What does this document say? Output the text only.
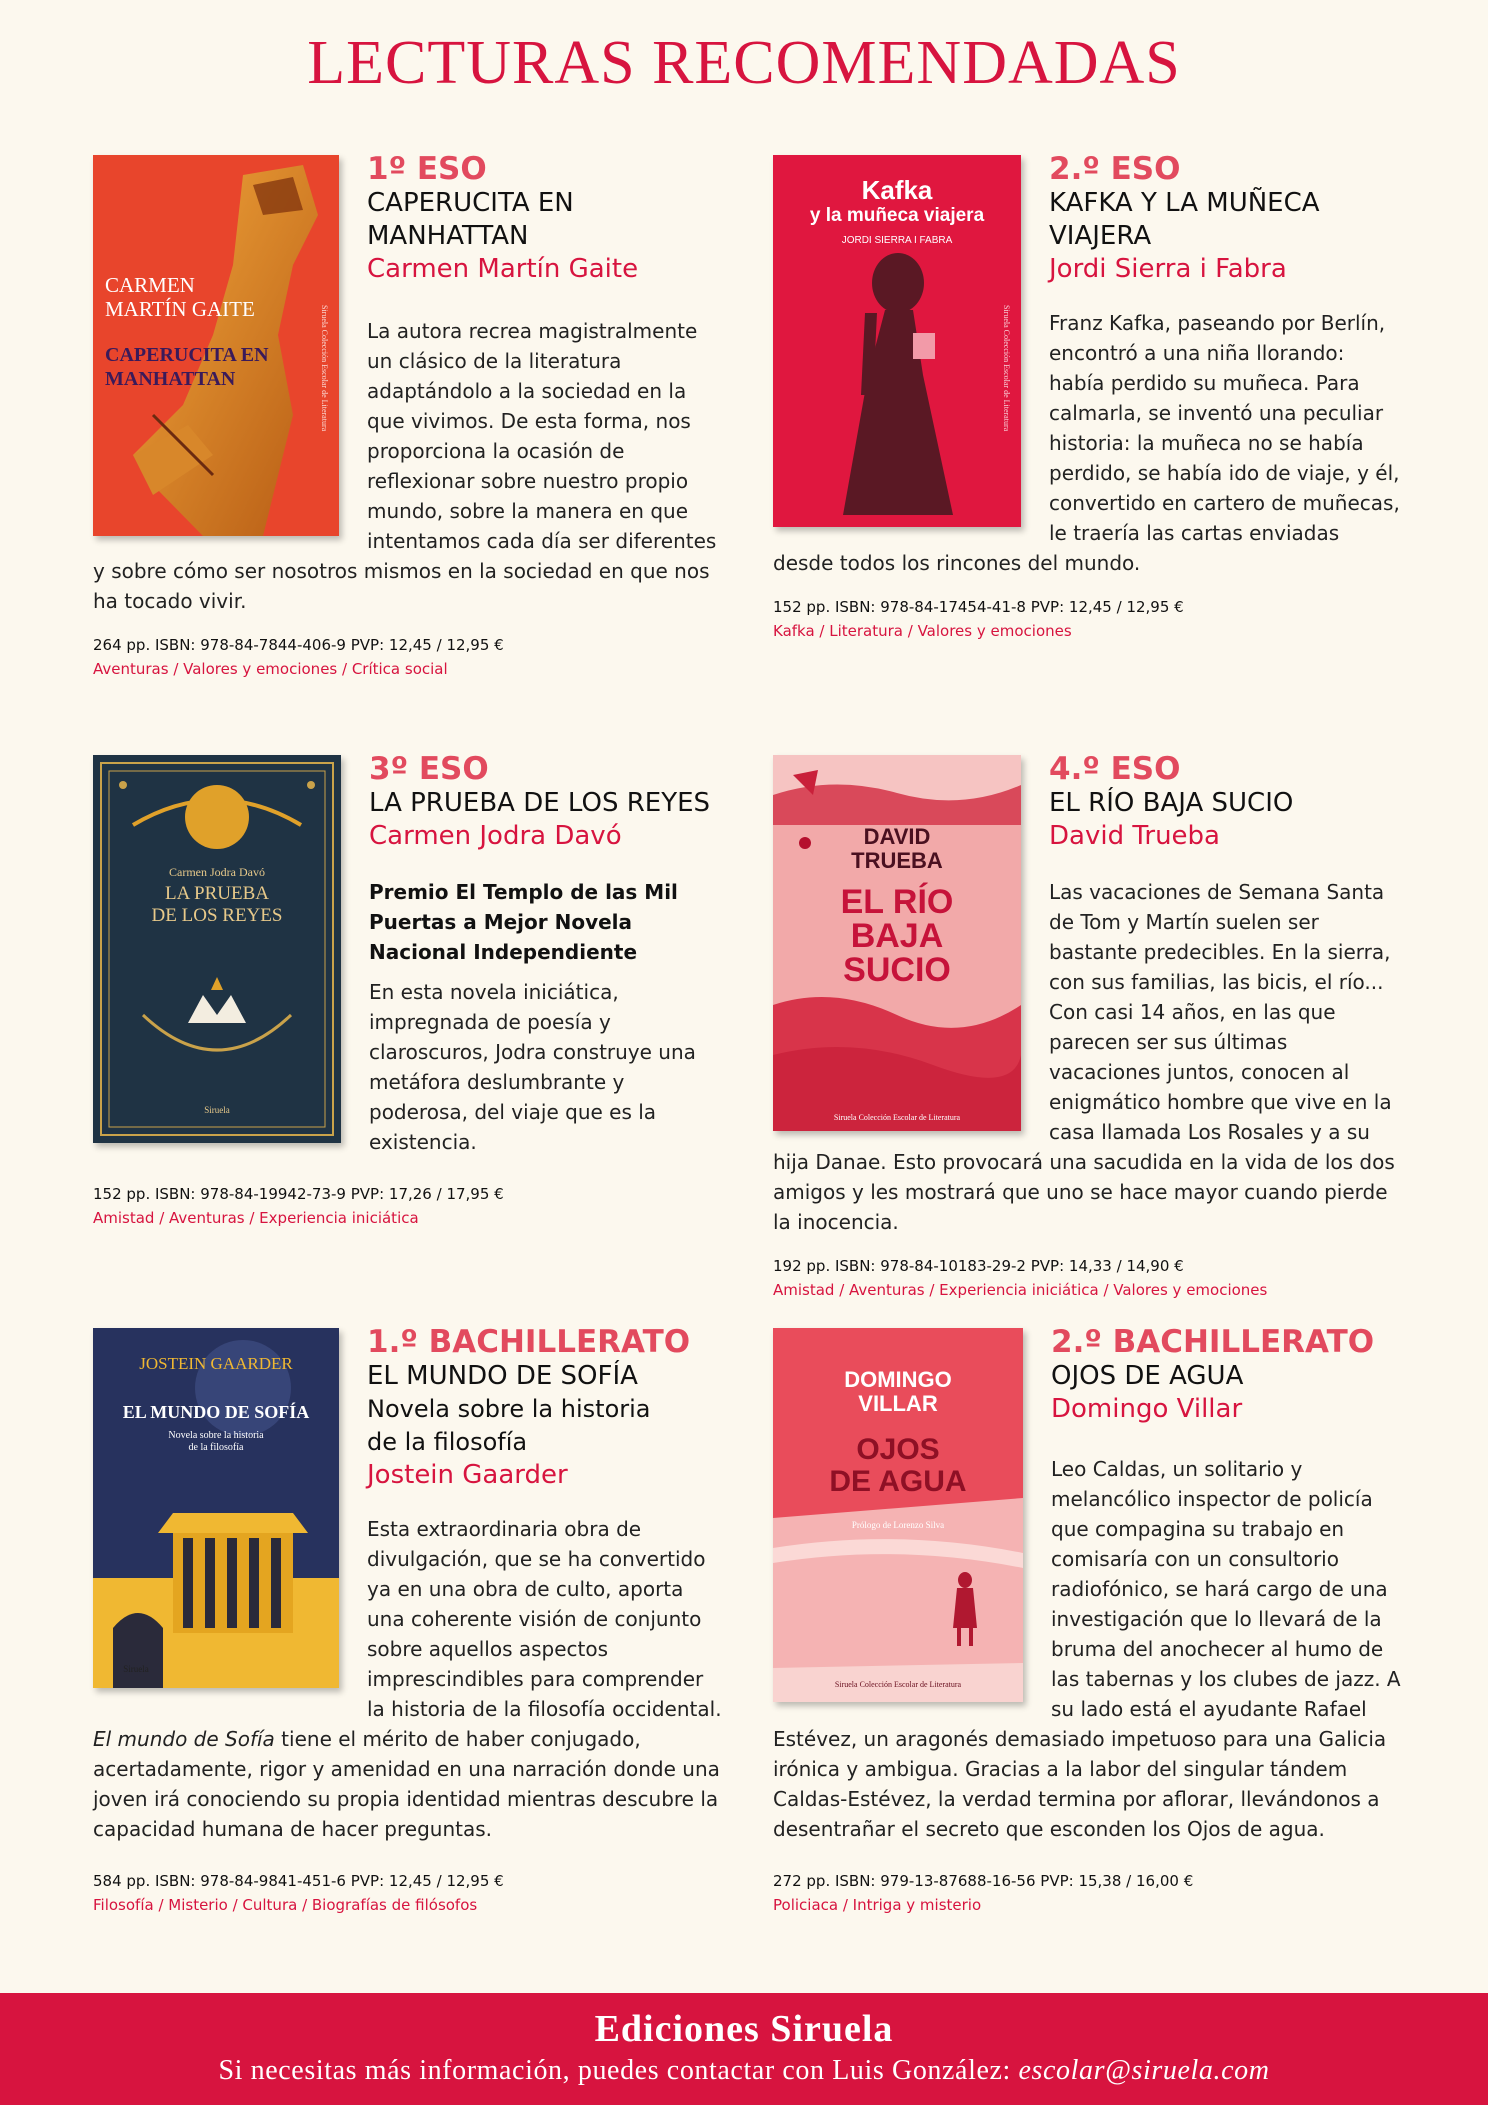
LECTURAS RECOMENDADAS
CARMEN
MARTÍN GAITE
CAPERUCITA EN
MANHATTAN	Siruela Colección Escolar de Literatura
1º ESO
CAPERUCITA EN
MANHATTAN
Carmen Martín Gaite
La autora recrea magistralmente un clásico de la literatura adaptándolo a la sociedad en la que vivimos. De esta forma, nos proporciona la ocasión de reflexionar sobre nuestro propio mundo, sobre la manera en que intentamos cada día ser diferentes y sobre cómo ser nosotros mismos en la sociedad en que nos ha tocado vivir.
264 pp. ISBN: 978-84-7844-406-9 PVP: 12,45 / 12,95 €
Aventuras / Valores y emociones / Crítica social
Kafka
y la muñeca viajera
JORDI SIERRA I FABRA
Siruela Colección Escolar de Literatura
2.º ESO
KAFKA Y LA MUÑECA
VIAJERA
Jordi Sierra i Fabra
Franz Kafka, paseando por Berlín, encontró a una niña llorando: había perdido su muñeca. Para calmarla, se inventó una peculiar historia: la muñeca no se había perdido, se había ido de viaje, y él, convertido en cartero de muñecas, le traería las cartas enviadas desde todos los rincones del mundo.
152 pp. ISBN: 978-84-17454-41-8 PVP: 12,45 / 12,95 €
Kafka / Literatura / Valores y emociones
Carmen Jodra Davó
LA PRUEBA
DE LOS REYES
Siruela
3º ESO
LA PRUEBA DE LOS REYES
Carmen Jodra Davó
Premio El Templo de las Mil Puertas a Mejor Novela Nacional Independiente
En esta novela iniciática, impregnada de poesía y claroscuros, Jodra construye una metáfora deslumbrante y poderosa, del viaje que es la existencia.
152 pp. ISBN: 978-84-19942-73-9 PVP: 17,26 / 17,95 €
Amistad / Aventuras / Experiencia iniciática
DAVID
TRUEBA
EL RÍO
BAJA
SUCIO
Siruela Colección Escolar de Literatura
4.º ESO
EL RÍO BAJA SUCIO
David Trueba
Las vacaciones de Semana Santa de Tom y Martín suelen ser bastante predecibles. En la sierra, con sus familias, las bicis, el río... Con casi 14 años, en las que parecen ser sus últimas vacaciones juntos, conocen al enigmático hombre que vive en la casa llamada Los Rosales y a su hija Danae. Esto provocará una sacudida en la vida de los dos amigos y les mostrará que uno se hace mayor cuando pierde la inocencia.
192 pp. ISBN: 978-84-10183-29-2 PVP: 14,33 / 14,90 €
Amistad / Aventuras / Experiencia iniciática / Valores y emociones
JOSTEIN GAARDER
EL MUNDO DE SOFÍA
Novela sobre la historia
de la filosofía
Siruela
1.º BACHILLERATO
EL MUNDO DE SOFÍA
Novela sobre la historia
de la filosofía
Jostein Gaarder
Esta extraordinaria obra de divulgación, que se ha convertido ya en una obra de culto, aporta una coherente visión de conjunto sobre aquellos aspectos imprescindibles para comprender la historia de la filosofía occidental. El mundo de Sofía tiene el mérito de haber conjugado, acertadamente, rigor y amenidad en una narración donde una joven irá conociendo su propia identidad mientras descubre la capacidad humana de hacer preguntas.
584 pp. ISBN: 978-84-9841-451-6 PVP: 12,45 / 12,95 €
Filosofía / Misterio / Cultura / Biografías de filósofos
DOMINGO
VILLAR
OJOS
DE AGUA
Prólogo de Lorenzo Silva
Siruela Colección Escolar de Literatura
2.º BACHILLERATO
OJOS DE AGUA
Domingo Villar
Leo Caldas, un solitario y melancólico inspector de policía que compagina su trabajo en comisaría con un consultorio radiofónico, se hará cargo de una investigación que lo llevará de la bruma del anochecer al humo de las tabernas y los clubes de jazz. A su lado está el ayudante Rafael Estévez, un aragonés demasiado impetuoso para una Galicia irónica y ambigua. Gracias a la labor del singular tándem Caldas-Estévez, la verdad termina por aflorar, llevándonos a desentrañar el secreto que esconden los Ojos de agua.
272 pp. ISBN: 979-13-87688-16-56 PVP: 15,38 / 16,00 €
Policiaca / Intriga y misterio
Ediciones Siruela
Si necesitas más información, puedes contactar con Luis González: escolar@siruela.com
